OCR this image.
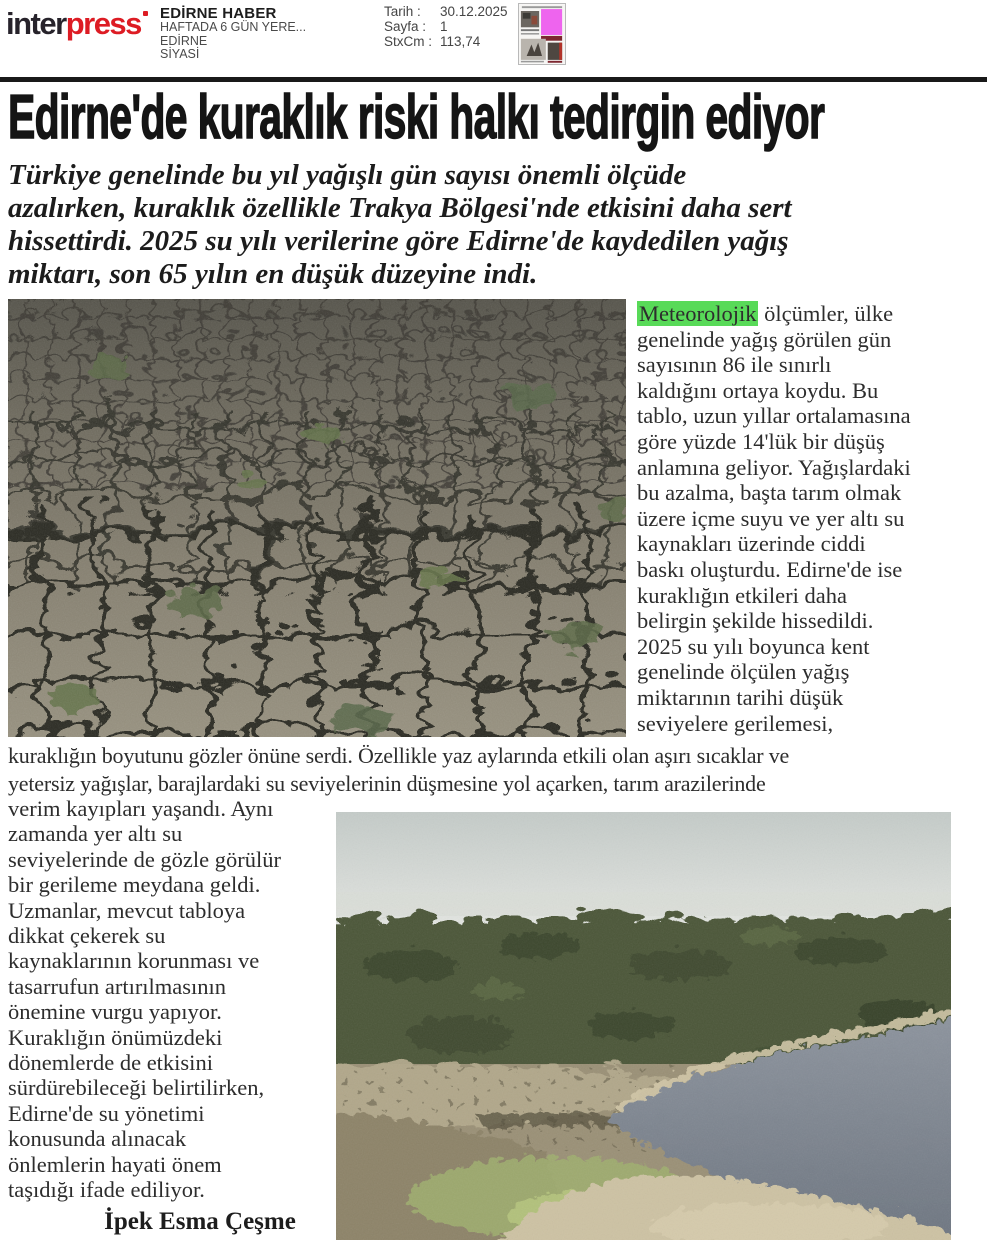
interpress	EDİRNE HABER
HAFTADA 6 GÜN YERE...
EDİRNE
SİYASİ
Tarih :	30.12.2025
Sayfa :	1
StxCm : 113,74
Edirne'de kuraklık riski halkı tedirgin ediyor
Türkiye genelinde bu yıl yağışlı gün sayısı önemli ölçüde
azalırken, kuraklık özellikle Trakya Bölgesi'nde etkisini daha sert
hissettirdi. 2025 su yılı verilerine göre Edirne'de kaydedilen yağış
miktarı, son 65 yılın en düşük düzeyine indi.
Meteorolojik ölçümler, ülke
genelinde yağış görülen gün
sayısının 86 ile sınırlı
kaldığını ortaya koydu. Bu
tablo, uzun yıllar ortalamasına
göre yüzde 14'lük bir düşüş
anlamına geliyor. Yağışlardaki
bu azalma, başta tarım olmak
üzere içme suyu ve yer altı su
kaynakları üzerinde ciddi
baskı oluşturdu. Edirne'de ise
kuraklığın etkileri daha
belirgin şekilde hissedildi.
2025 su yılı boyunca kent
genelinde ölçülen yağış
miktarının tarihi düşük
seviyelere gerilemesi,
kuraklığın boyutunu gözler önüne serdi. Özellikle yaz aylarında etkili olan aşırı sıcaklar ve
yetersiz yağışlar, barajlardaki su seviyelerinin düşmesine yol açarken, tarım arazilerinde
verim kayıpları yaşandı. Aynı
zamanda yer altı su
seviyelerinde de gözle görülür
bir gerileme meydana geldi.
Uzmanlar, mevcut tabloya
dikkat çekerek su
kaynaklarının korunması ve
tasarrufun artırılmasının
önemine vurgu yapıyor.
Kuraklığın önümüzdeki
dönemlerde de etkisini
sürdürebileceği belirtilirken,
Edirne'de su yönetimi
konusunda alınacak
önlemlerin hayati önem
taşıdığı ifade ediliyor.
İpek Esma Çeşme
